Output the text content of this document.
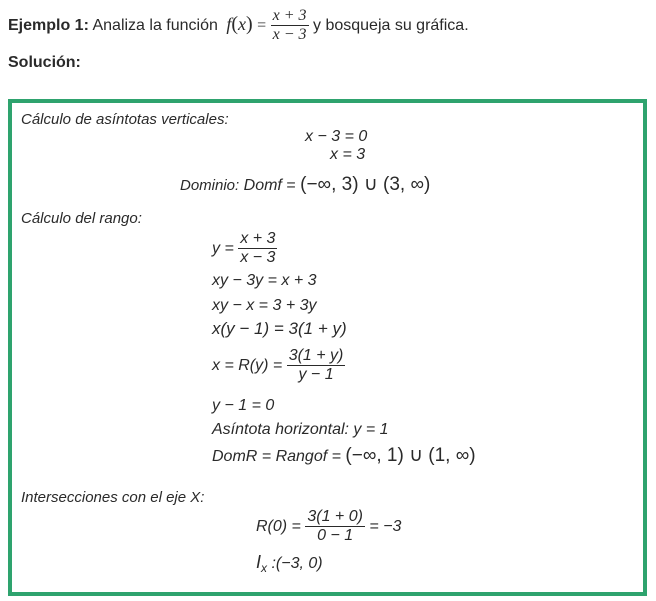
Ejemplo 1: Analiza la función $f(x) = \frac{x + 3}{x - 3}$ y bosqueja su gráfica.
Solución:
Cálculo de asíntotas verticales:
x − 3 = 0
x = 3
Dominio: Domf = (−∞, 3) ∪ (3, ∞)
Cálculo del rango:
$y = \frac{x + 3}{x - 3}$
xy − 3y = x + 3
xy − x = 3 + 3y
x(y − 1) = 3(1 + y)
$x = R(y) = \frac{3(1 + y)}{y - 1}$
y − 1 = 0
Asíntota horizontal: y = 1
DomR = Rangof = (−∞, 1) ∪ (1, ∞)
Intersecciones con el eje X:
$R(0) = \frac{3(1 + 0)}{0 - 1} = -3$
$I_x$ :(−3, 0)
